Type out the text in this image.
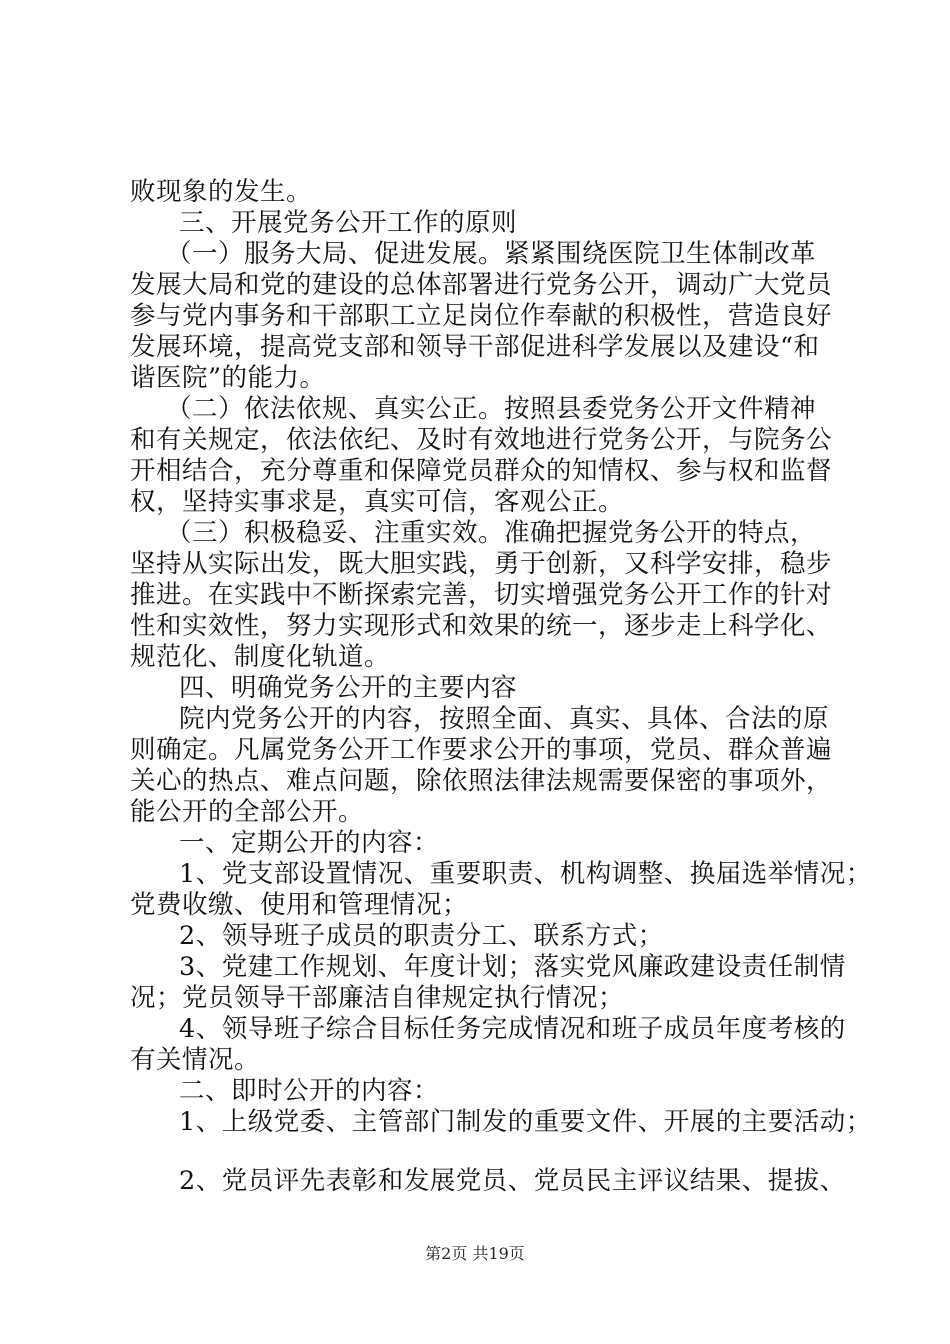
败现象的发生。
三、开展党务公开工作的原则
（一）服务大局、促进发展。紧紧围绕医院卫生体制改革
发展大局和党的建设的总体部署进行党务公开，调动广大党员
参与党内事务和干部职工立足岗位作奉献的积极性，营造良好
发展环境，提高党支部和领导干部促进科学发展以及建设“和
谐医院”的能力。
（二）依法依规、真实公正。按照县委党务公开文件精神
和有关规定，依法依纪、及时有效地进行党务公开，与院务公
开相结合，充分尊重和保障党员群众的知情权、参与权和监督
权，坚持实事求是，真实可信，客观公正。
（三）积极稳妥、注重实效。准确把握党务公开的特点，
坚持从实际出发，既大胆实践，勇于创新，又科学安排，稳步
推进。在实践中不断探索完善，切实增强党务公开工作的针对
性和实效性，努力实现形式和效果的统一，逐步走上科学化、
规范化、制度化轨道。
四、明确党务公开的主要内容
院内党务公开的内容，按照全面、真实、具体、合法的原
则确定。凡属党务公开工作要求公开的事项，党员、群众普遍
关心的热点、难点问题，除依照法律法规需要保密的事项外，
能公开的全部公开。
一、定期公开的内容：
1、党支部设置情况、重要职责、机构调整、换届选举情况；
党费收缴、使用和管理情况；
2、领导班子成员的职责分工、联系方式；
3、党建工作规划、年度计划；落实党风廉政建设责任制情
况；党员领导干部廉洁自律规定执行情况；
4、领导班子综合目标任务完成情况和班子成员年度考核的
有关情况。
二、即时公开的内容：
1、上级党委、主管部门制发的重要文件、开展的主要活动；
2、党员评先表彰和发展党员、党员民主评议结果、提拔、
第2页 共19页
